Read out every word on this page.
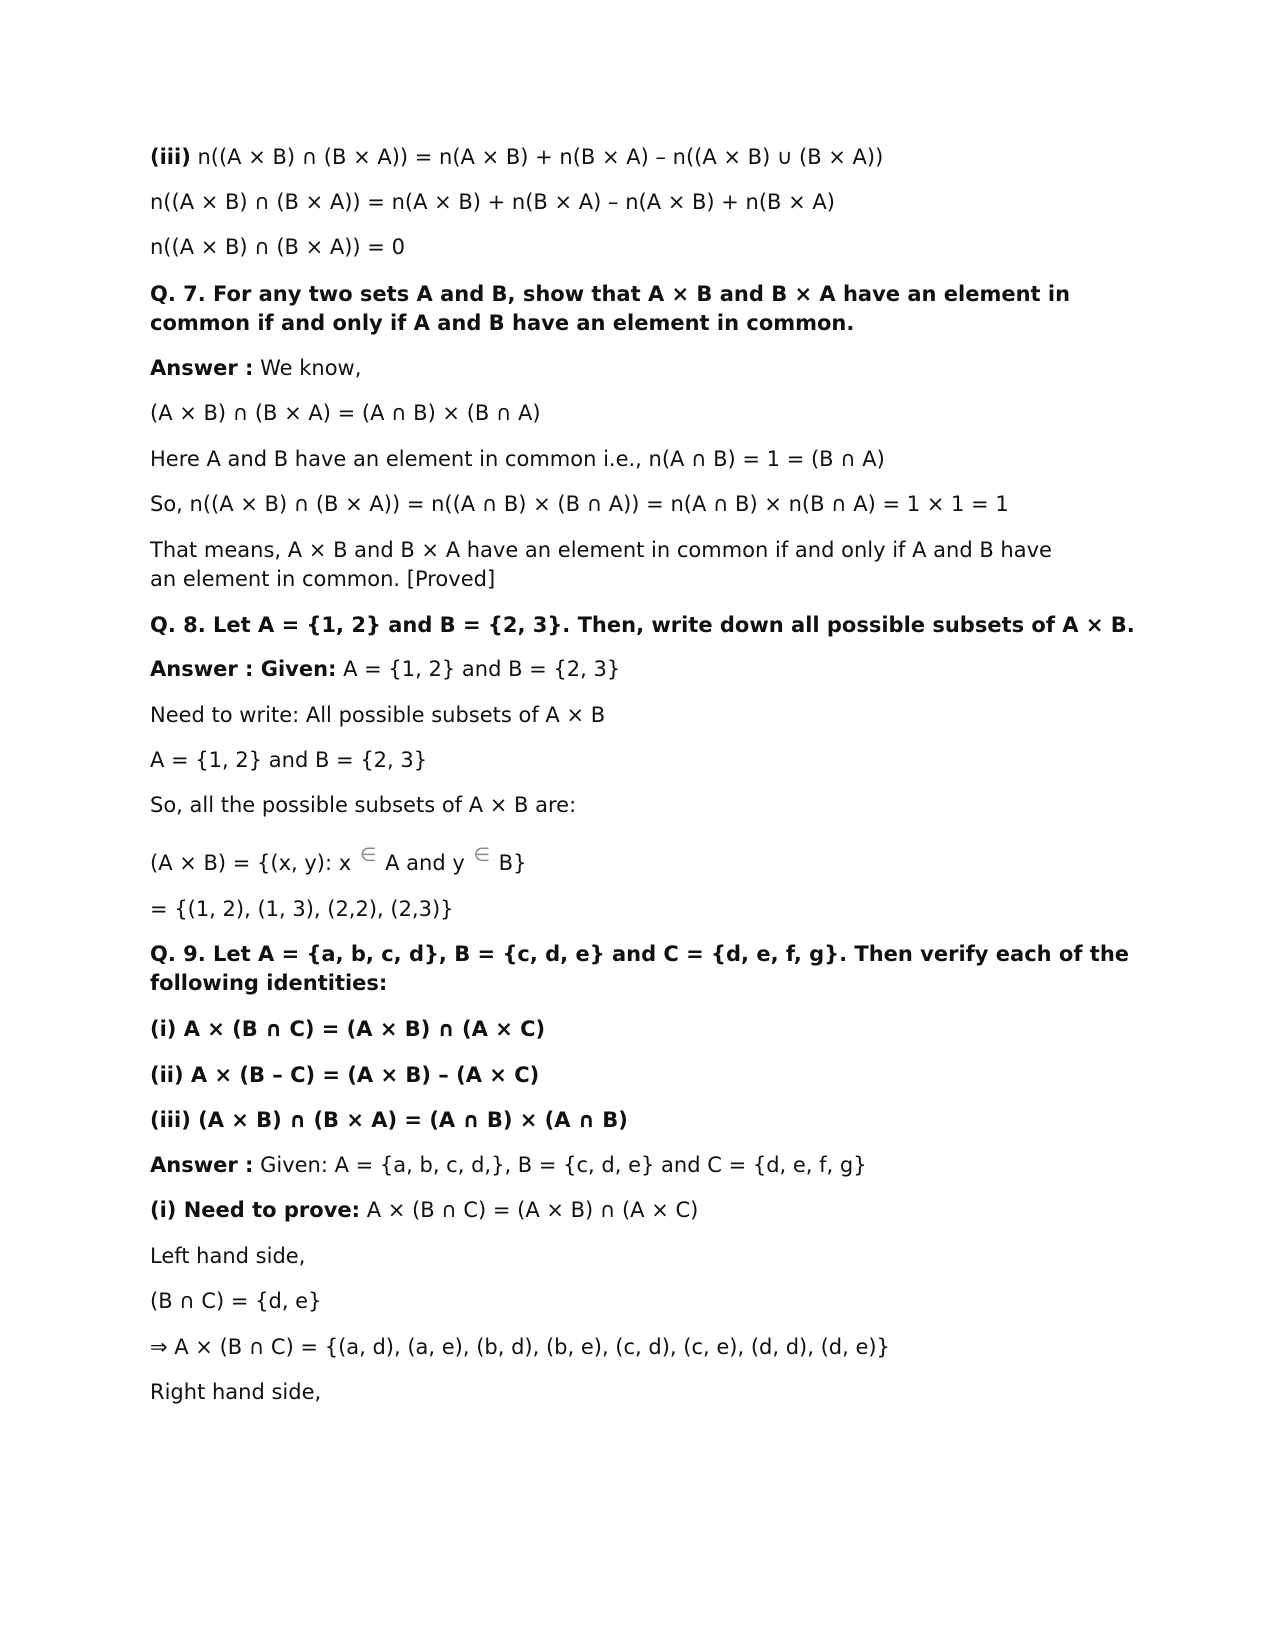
(iii) n((A × B) ∩ (B × A)) = n(A × B) + n(B × A) – n((A × B) ∪ (B × A))
n((A × B) ∩ (B × A)) = n(A × B) + n(B × A) – n(A × B) + n(B × A)
n((A × B) ∩ (B × A)) = 0
Q. 7. For any two sets A and B, show that A × B and B × A have an element in
common if and only if A and B have an element in common.
Answer : We know,
(A × B) ∩ (B × A) = (A ∩ B) × (B ∩ A)
Here A and B have an element in common i.e., n(A ∩ B) = 1 = (B ∩ A)
So, n((A × B) ∩ (B × A)) = n((A ∩ B) × (B ∩ A)) = n(A ∩ B) × n(B ∩ A) = 1 × 1 = 1
That means, A × B and B × A have an element in common if and only if A and B have
an element in common. [Proved]
Q. 8. Let A = {1, 2} and B = {2, 3}. Then, write down all possible subsets of A × B.
Answer : Given: A = {1, 2} and B = {2, 3}
Need to write: All possible subsets of A × B
A = {1, 2} and B = {2, 3}
So, all the possible subsets of A × B are:
(A × B) = {(x, y): x ∈ A and y ∈ B}
= {(1, 2), (1, 3), (2,2), (2,3)}
Q. 9. Let A = {a, b, c, d}, B = {c, d, e} and C = {d, e, f, g}. Then verify each of the
following identities:
(i) A × (B ∩ C) = (A × B) ∩ (A × C)
(ii) A × (B – C) = (A × B) – (A × C)
(iii) (A × B) ∩ (B × A) = (A ∩ B) × (A ∩ B)
Answer : Given: A = {a, b, c, d,}, B = {c, d, e} and C = {d, e, f, g}
(i) Need to prove: A × (B ∩ C) = (A × B) ∩ (A × C)
Left hand side,
(B ∩ C) = {d, e}
⇒ A × (B ∩ C) = {(a, d), (a, e), (b, d), (b, e), (c, d), (c, e), (d, d), (d, e)}
Right hand side,
